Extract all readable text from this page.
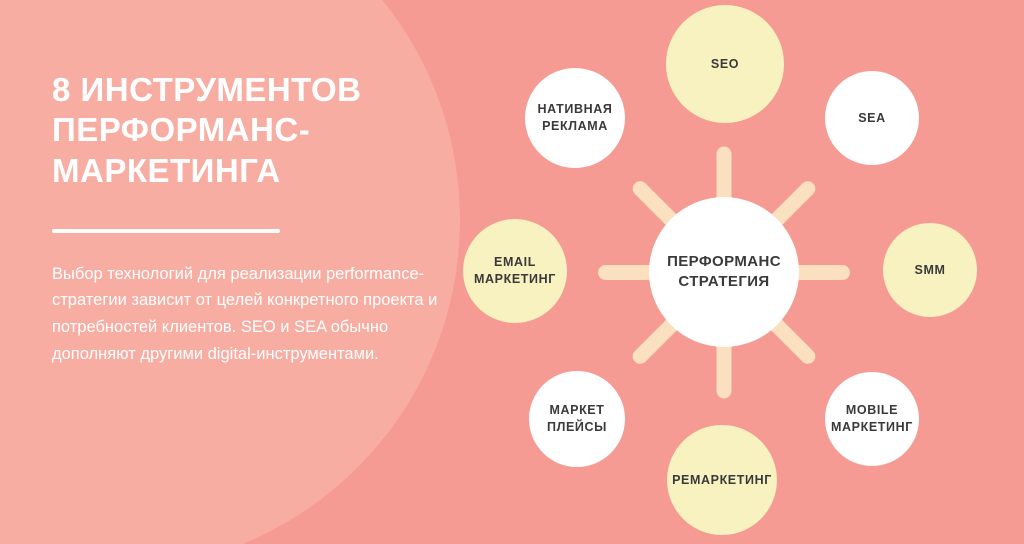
8 ИНСТРУМЕНТОВ ПЕРФОРМАНС-МАРКЕТИНГА

Выбор технологий для реализации performance-стратегии зависит от целей конкретного проекта и потребностей клиентов. SEO и SEA обычно дополняют другими digital-инструментами.

SEO
SEA
SMM
MOBILE МАРКЕТИНГ
РЕМАРКЕТИНГ
МАРКЕТ ПЛЕЙСЫ
EMAIL МАРКЕТИНГ
НАТИВНАЯ РЕКЛАМА
ПЕРФОРМАНС СТРАТЕГИЯ
